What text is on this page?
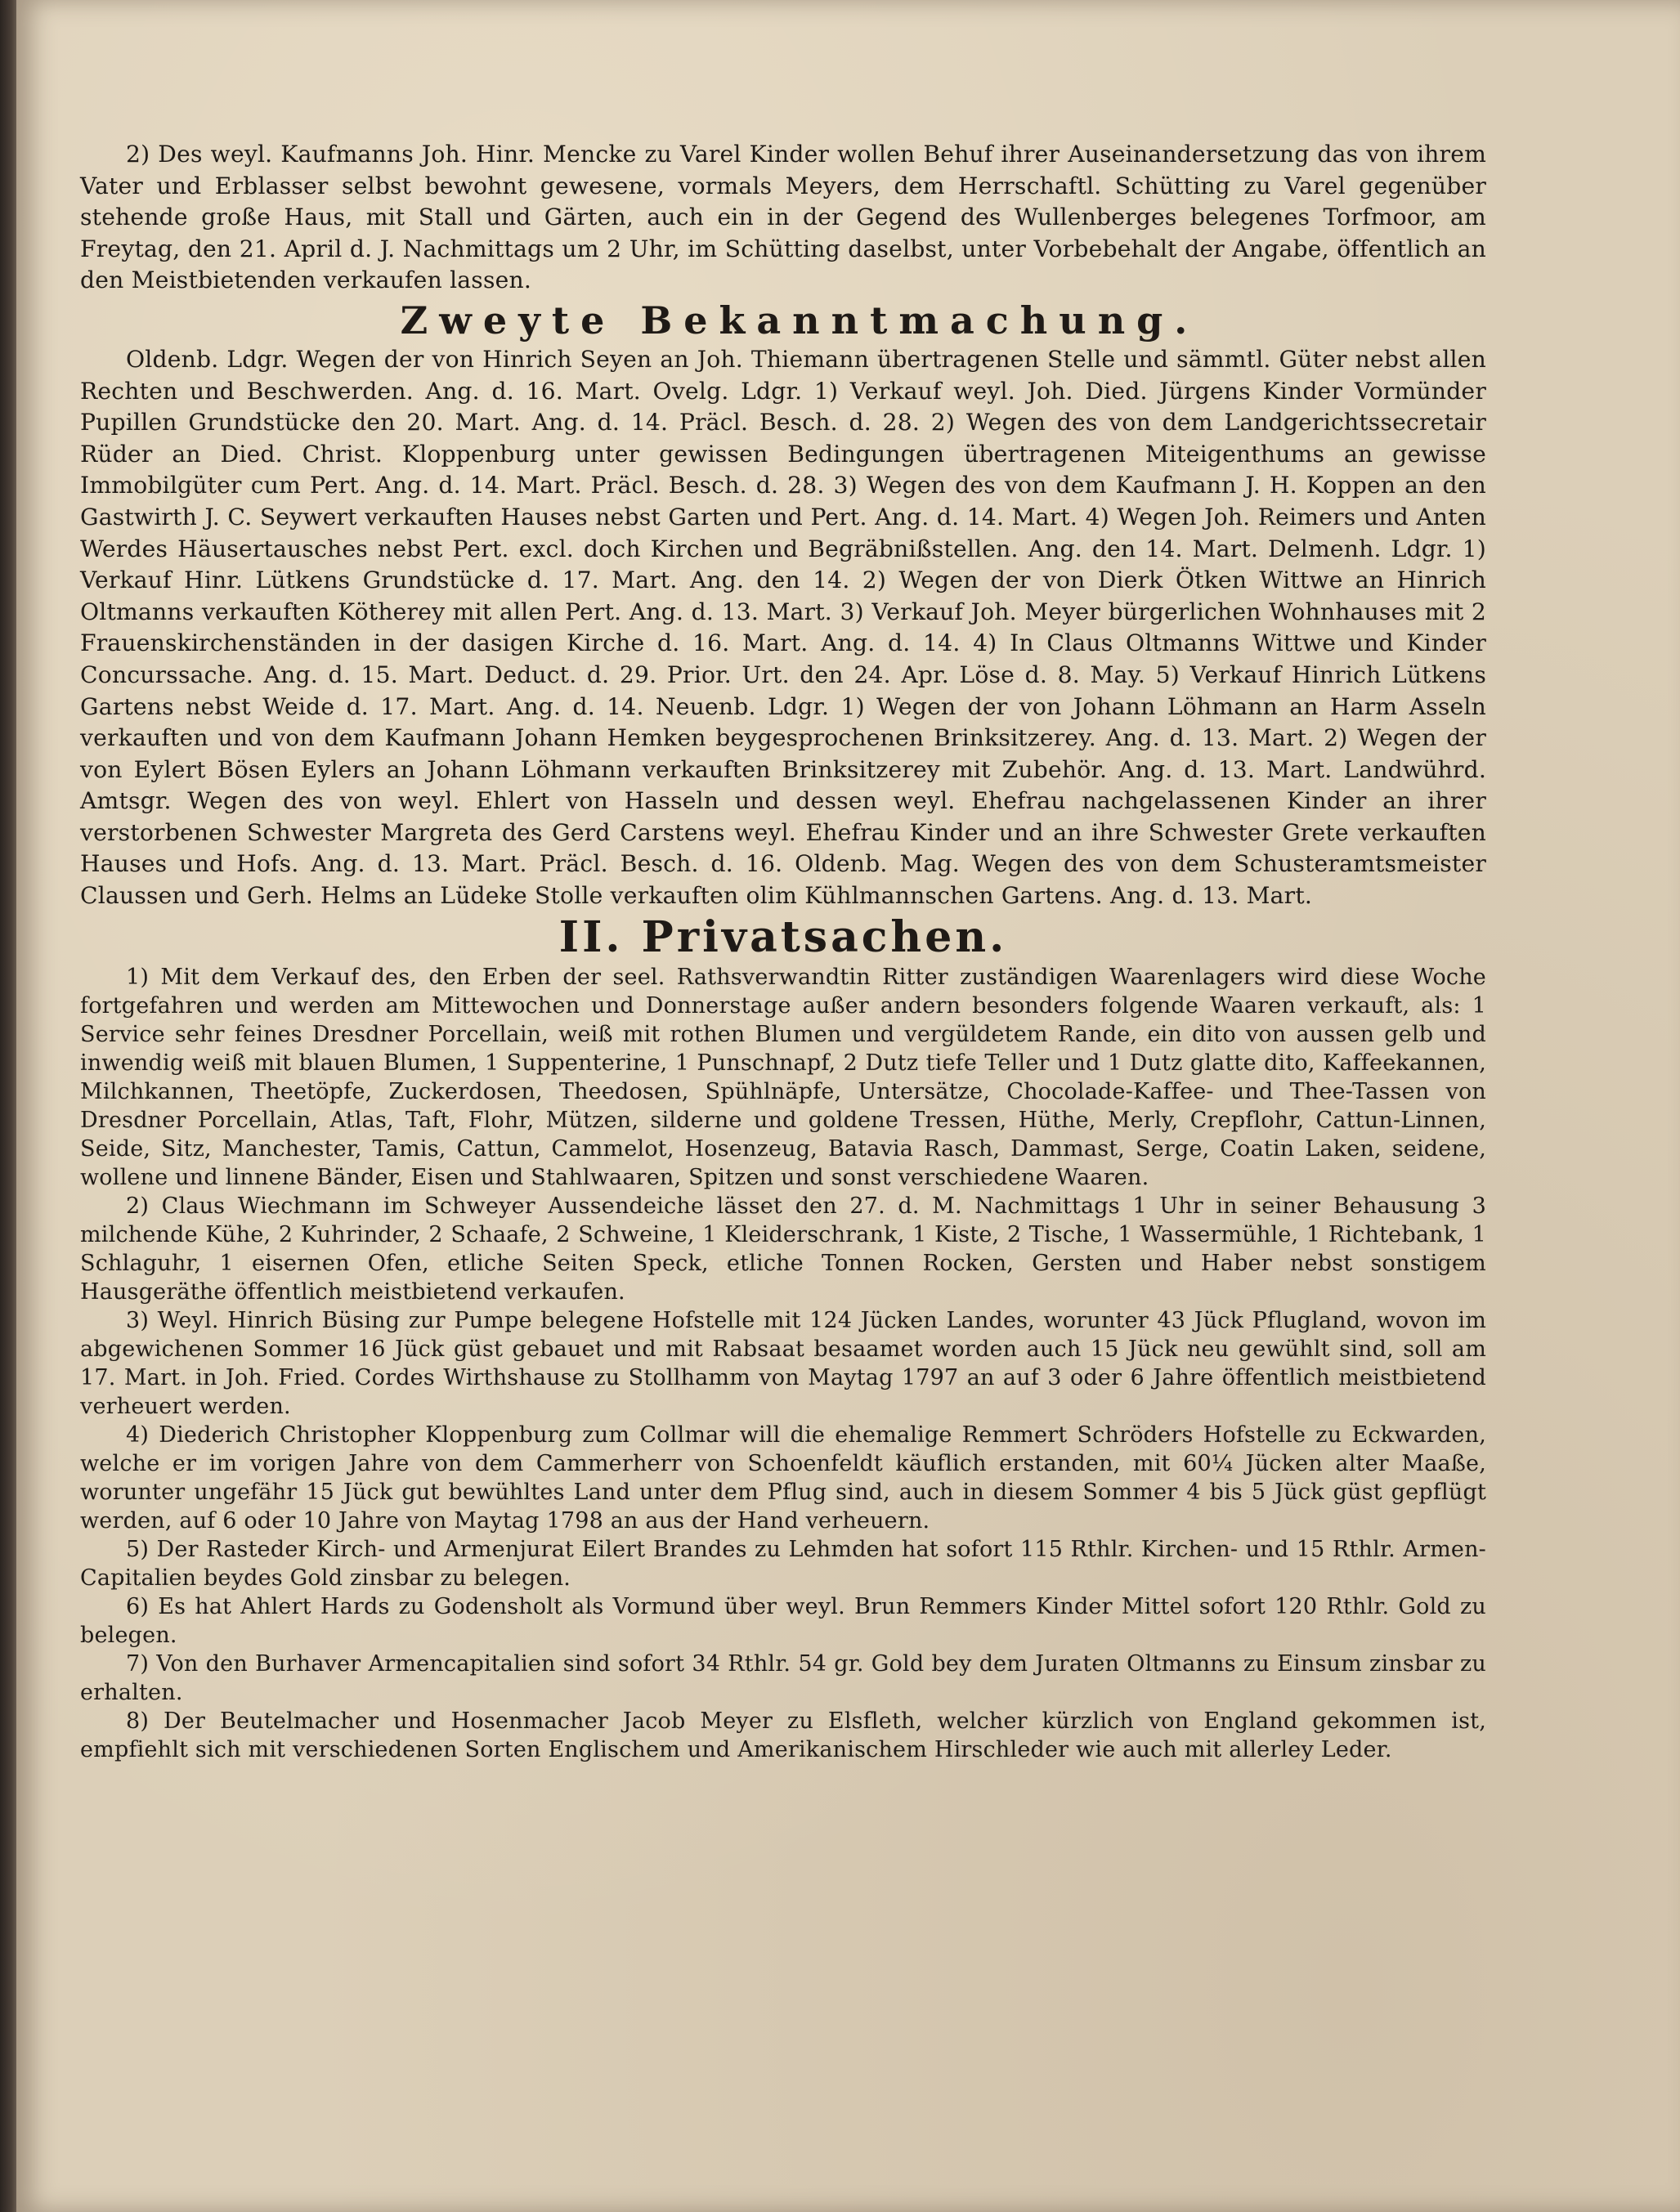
2) Des weyl. Kaufmanns Joh. Hinr. Mencke zu Varel Kinder wollen Behuf ihrer Auseinandersetzung das von ihrem Vater und Erblasser selbst bewohnt gewesene, vormals Meyers, dem Herrschaftl. Schütting zu Varel gegenüber stehende große Haus, mit Stall und Gärten, auch ein in der Gegend des Wullenberges belegenes Torfmoor, am Freytag, den 21. April d. J. Nachmittags um 2 Uhr, im Schütting daselbst, unter Vorbebehalt der Angabe, öffentlich an den Meistbietenden verkaufen lassen.

Zweyte Bekanntmachung.

Oldenb. Ldgr. Wegen der von Hinrich Seyen an Joh. Thiemann übertragenen Stelle und sämmtl. Güter nebst allen Rechten und Beschwerden. Ang. d. 16. Mart. Ovelg. Ldgr. 1) Verkauf weyl. Joh. Died. Jürgens Kinder Vormünder Pupillen Grundstücke den 20. Mart. Ang. d. 14. Präcl. Besch. d. 28. 2) Wegen des von dem Landgerichtssecretair Rüder an Died. Christ. Kloppenburg unter gewissen Bedingungen übertragenen Miteigenthums an gewisse Immobilgüter cum Pert. Ang. d. 14. Mart. Präcl. Besch. d. 28. 3) Wegen des von dem Kaufmann J. H. Koppen an den Gastwirth J. C. Seywert verkauften Hauses nebst Garten und Pert. Ang. d. 14. Mart. 4) Wegen Joh. Reimers und Anten Werdes Häusertausches nebst Pert. excl. doch Kirchen und Begräbnißstellen. Ang. den 14. Mart. Delmenh. Ldgr. 1) Verkauf Hinr. Lütkens Grundstücke d. 17. Mart. Ang. den 14. 2) Wegen der von Dierk Ötken Wittwe an Hinrich Oltmanns verkauften Kötherey mit allen Pert. Ang. d. 13. Mart. 3) Verkauf Joh. Meyer bürgerlichen Wohnhauses mit 2 Frauenskirchenständen in der dasigen Kirche d. 16. Mart. Ang. d. 14. 4) In Claus Oltmanns Wittwe und Kinder Concurssache. Ang. d. 15. Mart. Deduct. d. 29. Prior. Urt. den 24. Apr. Löse d. 8. May. 5) Verkauf Hinrich Lütkens Gartens nebst Weide d. 17. Mart. Ang. d. 14. Neuenb. Ldgr. 1) Wegen der von Johann Löhmann an Harm Asseln verkauften und von dem Kaufmann Johann Hemken beygesprochenen Brinksitzerey. Ang. d. 13. Mart. 2) Wegen der von Eylert Bösen Eylers an Johann Löhmann verkauften Brinksitzerey mit Zubehör. Ang. d. 13. Mart. Landwührd. Amtsgr. Wegen des von weyl. Ehlert von Hasseln und dessen weyl. Ehefrau nachgelassenen Kinder an ihrer verstorbenen Schwester Margreta des Gerd Carstens weyl. Ehefrau Kinder und an ihre Schwester Grete verkauften Hauses und Hofs. Ang. d. 13. Mart. Präcl. Besch. d. 16. Oldenb. Mag. Wegen des von dem Schusteramtsmeister Claussen und Gerh. Helms an Lüdeke Stolle verkauften olim Kühlmannschen Gartens. Ang. d. 13. Mart.

II. Privatsachen.

1) Mit dem Verkauf des, den Erben der seel. Rathsverwandtin Ritter zuständigen Waarenlagers wird diese Woche fortgefahren und werden am Mittewochen und Donnerstage außer andern besonders folgende Waaren verkauft, als: 1 Service sehr feines Dresdner Porcellain, weiß mit rothen Blumen und vergüldetem Rande, ein dito von aussen gelb und inwendig weiß mit blauen Blumen, 1 Suppenterine, 1 Punschnapf, 2 Dutz tiefe Teller und 1 Dutz glatte dito, Kaffeekannen, Milchkannen, Theetöpfe, Zuckerdosen, Theedosen, Spühlnäpfe, Untersätze, Chocolade-Kaffee- und Thee-Tassen von Dresdner Porcellain, Atlas, Taft, Flohr, Mützen, silderne und goldene Tressen, Hüthe, Merly, Crepflohr, Cattun-Linnen, Seide, Sitz, Manchester, Tamis, Cattun, Cammelot, Hosenzeug, Batavia Rasch, Dammast, Serge, Coatin Laken, seidene, wollene und linnene Bänder, Eisen und Stahlwaaren, Spitzen und sonst verschiedene Waaren.

2) Claus Wiechmann im Schweyer Aussendeiche lässet den 27. d. M. Nachmittags 1 Uhr in seiner Behausung 3 milchende Kühe, 2 Kuhrinder, 2 Schaafe, 2 Schweine, 1 Kleiderschrank, 1 Kiste, 2 Tische, 1 Wassermühle, 1 Richtebank, 1 Schlaguhr, 1 eisernen Ofen, etliche Seiten Speck, etliche Tonnen Rocken, Gersten und Haber nebst sonstigem Hausgeräthe öffentlich meistbietend verkaufen.

3) Weyl. Hinrich Büsing zur Pumpe belegene Hofstelle mit 124 Jücken Landes, worunter 43 Jück Pflugland, wovon im abgewichenen Sommer 16 Jück güst gebauet und mit Rabsaat besaamet worden auch 15 Jück neu gewühlt sind, soll am 17. Mart. in Joh. Fried. Cordes Wirthshause zu Stollhamm von Maytag 1797 an auf 3 oder 6 Jahre öffentlich meistbietend verheuert werden.

4) Diederich Christopher Kloppenburg zum Collmar will die ehemalige Remmert Schröders Hofstelle zu Eckwarden, welche er im vorigen Jahre von dem Cammerherr von Schoenfeldt käuflich erstanden, mit 60¼ Jücken alter Maaße, worunter ungefähr 15 Jück gut bewühltes Land unter dem Pflug sind, auch in diesem Sommer 4 bis 5 Jück güst gepflügt werden, auf 6 oder 10 Jahre von Maytag 1798 an aus der Hand verheuern.

5) Der Rasteder Kirch- und Armenjurat Eilert Brandes zu Lehmden hat sofort 115 Rthlr. Kirchen- und 15 Rthlr. Armen-Capitalien beydes Gold zinsbar zu belegen.

6) Es hat Ahlert Hards zu Godensholt als Vormund über weyl. Brun Remmers Kinder Mittel sofort 120 Rthlr. Gold zu belegen.

7) Von den Burhaver Armencapitalien sind sofort 34 Rthlr. 54 gr. Gold bey dem Juraten Oltmanns zu Einsum zinsbar zu erhalten.

8) Der Beutelmacher und Hosenmacher Jacob Meyer zu Elsfleth, welcher kürzlich von England gekommen ist, empfiehlt sich mit verschiedenen Sorten Englischem und Amerikanischem Hirschleder wie auch mit allerley Leder.
